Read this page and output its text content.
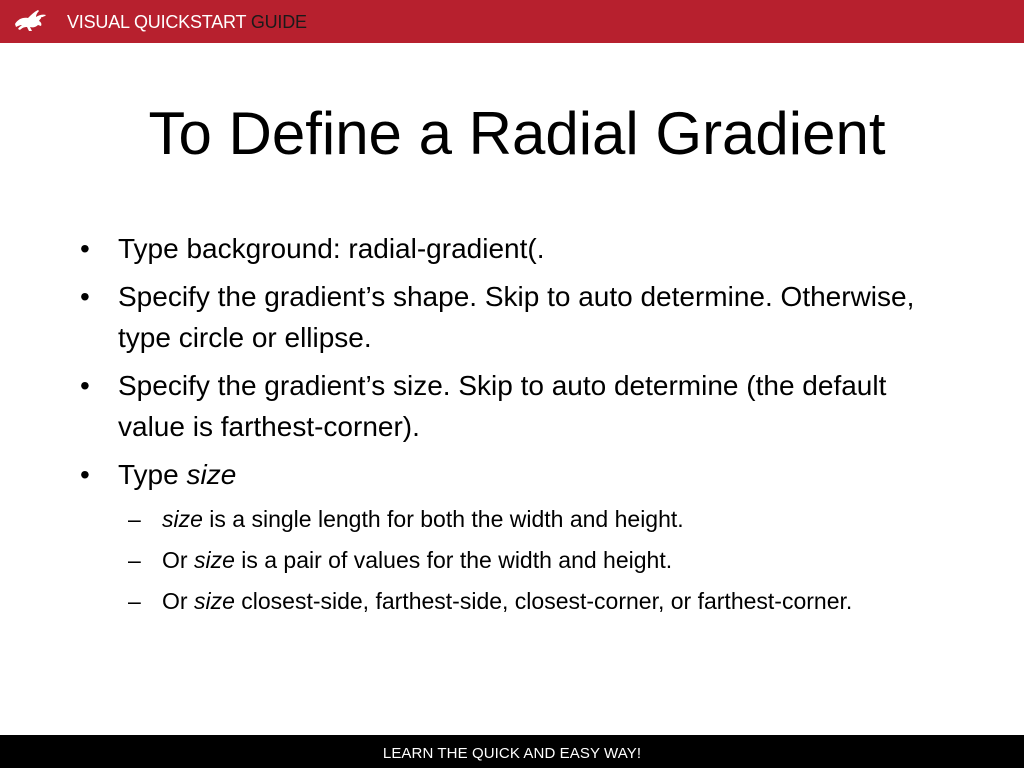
VISUAL QUICKSTART GUIDE
To Define a Radial Gradient
• Type background: radial-gradient(.
• Specify the gradient’s shape. Skip to auto determine. Otherwise, type circle or ellipse.
• Specify the gradient’s size. Skip to auto determine (the default value is farthest-corner).
• Type size
– size is a single length for both the width and height.
– Or size is a pair of values for the width and height.
– Or size closest-side, farthest-side, closest-corner, or farthest-corner.
LEARN THE QUICK AND EASY WAY!
